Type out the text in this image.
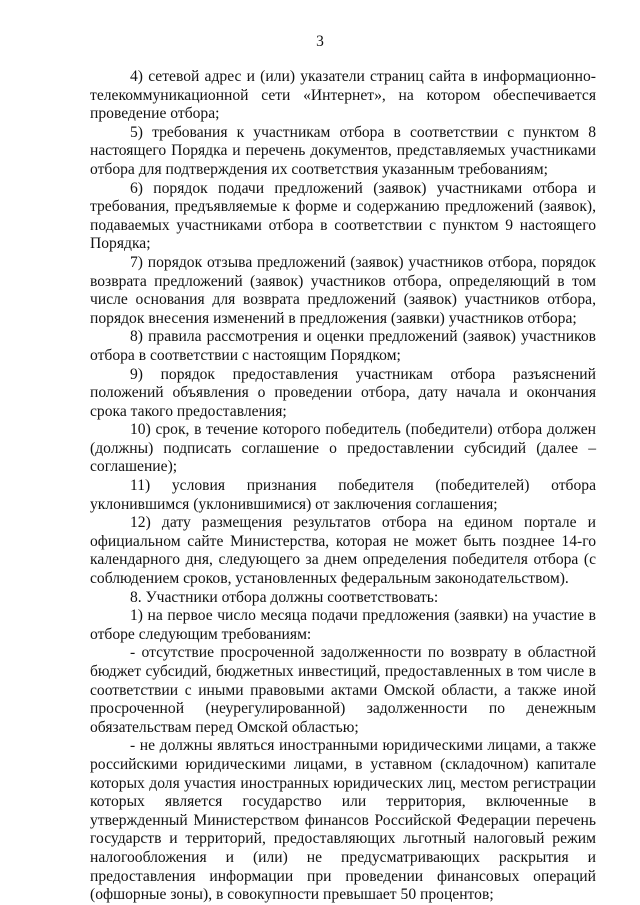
3

4) сетевой адрес и (или) указатели страниц сайта в информационно-телекоммуникационной сети «Интернет», на котором обеспечивается проведение отбора;

5) требования к участникам отбора в соответствии с пунктом 8 настоящего Порядка и перечень документов, представляемых участниками отбора для подтверждения их соответствия указанным требованиям;

6) порядок подачи предложений (заявок) участниками отбора и требования, предъявляемые к форме и содержанию предложений (заявок), подаваемых участниками отбора в соответствии с пунктом 9 настоящего Порядка;

7) порядок отзыва предложений (заявок) участников отбора, порядок возврата предложений (заявок) участников отбора, определяющий в том числе основания для возврата предложений (заявок) участников отбора, порядок внесения изменений в предложения (заявки) участников отбора;

8) правила рассмотрения и оценки предложений (заявок) участников отбора в соответствии с настоящим Порядком;

9) порядок предоставления участникам отбора разъяснений положений объявления о проведении отбора, дату начала и окончания срока такого предоставления;

10) срок, в течение которого победитель (победители) отбора должен (должны) подписать соглашение о предоставлении субсидий (далее – соглашение);

11) условия признания победителя (победителей) отбора уклонившимся (уклонившимися) от заключения соглашения;

12) дату размещения результатов отбора на едином портале и официальном сайте Министерства, которая не может быть позднее 14-го календарного дня, следующего за днем определения победителя отбора (с соблюдением сроков, установленных федеральным законодательством).

8. Участники отбора должны соответствовать:

1) на первое число месяца подачи предложения (заявки) на участие в отборе следующим требованиям:

- отсутствие просроченной задолженности по возврату в областной бюджет субсидий, бюджетных инвестиций, предоставленных в том числе в соответствии с иными правовыми актами Омской области, а также иной просроченной (неурегулированной) задолженности по денежным обязательствам перед Омской областью;

- не должны являться иностранными юридическими лицами, а также российскими юридическими лицами, в уставном (складочном) капитале которых доля участия иностранных юридических лиц, местом регистрации которых является государство или территория, включенные в утвержденный Министерством финансов Российской Федерации перечень государств и территорий, предоставляющих льготный налоговый режим налогообложения и (или) не предусматривающих раскрытия и предоставления информации при проведении финансовых операций (офшорные зоны), в совокупности превышает 50 процентов;
